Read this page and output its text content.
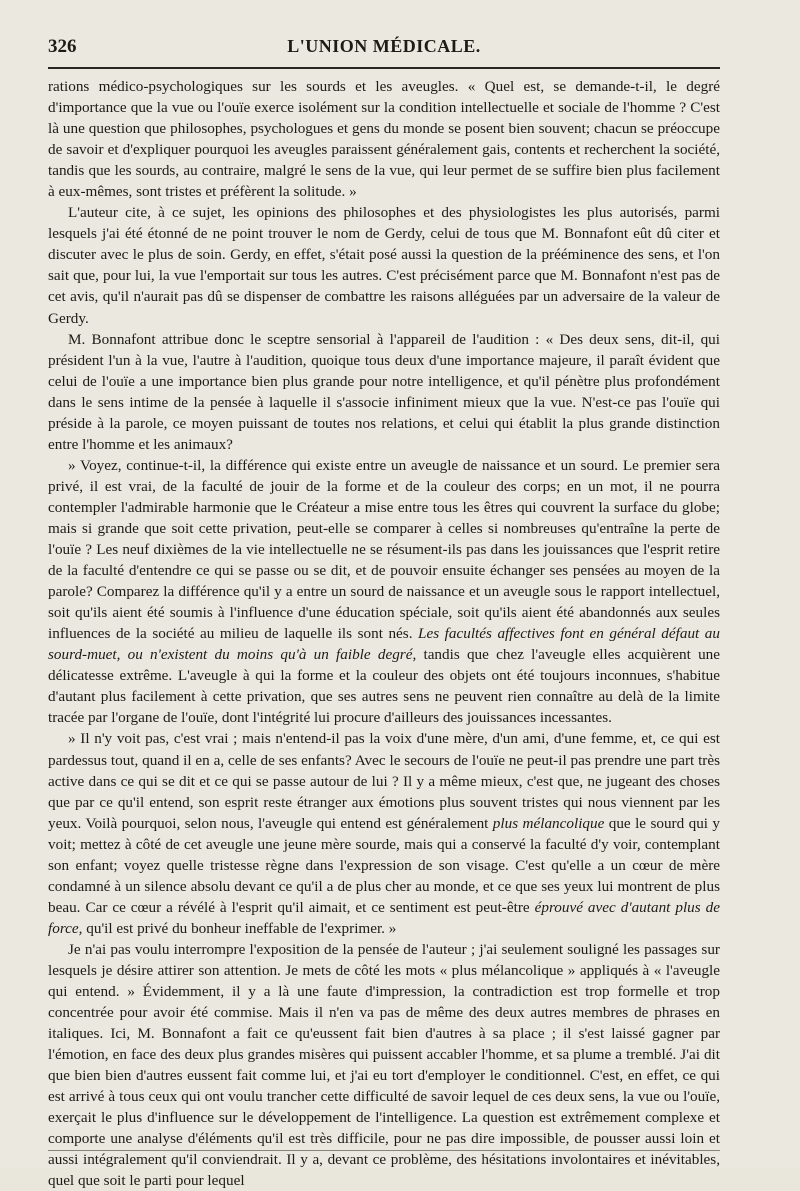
326	L'UNION MÉDICALE.

rations médico-psychologiques sur les sourds et les aveugles. « Quel est, se demande-t-il, le degré d'importance que la vue ou l'ouïe exerce isolément sur la condition intellectuelle et sociale de l'homme ? C'est là une question que philosophes, psychologues et gens du monde se posent bien souvent; chacun se préoccupe de savoir et d'expliquer pourquoi les aveugles paraissent généralement gais, contents et recherchent la société, tandis que les sourds, au contraire, malgré le sens de la vue, qui leur permet de se suffire bien plus facilement à eux-mêmes, sont tristes et préfèrent la solitude. »

L'auteur cite, à ce sujet, les opinions des philosophes et des physiologistes les plus autorisés, parmi lesquels j'ai été étonné de ne point trouver le nom de Gerdy, celui de tous que M. Bonnafont eût dû citer et discuter avec le plus de soin. Gerdy, en effet, s'était posé aussi la question de la prééminence des sens, et l'on sait que, pour lui, la vue l'emportait sur tous les autres. C'est précisément parce que M. Bonnafont n'est pas de cet avis, qu'il n'aurait pas dû se dispenser de combattre les raisons alléguées par un adversaire de la valeur de Gerdy.

M. Bonnafont attribue donc le sceptre sensorial à l'appareil de l'audition : « Des deux sens, dit-il, qui président l'un à la vue, l'autre à l'audition, quoique tous deux d'une importance majeure, il paraît évident que celui de l'ouïe a une importance bien plus grande pour notre intelligence, et qu'il pénètre plus profondément dans le sens intime de la pensée à laquelle il s'associe infiniment mieux que la vue. N'est-ce pas l'ouïe qui préside à la parole, ce moyen puissant de toutes nos relations, et celui qui établit la plus grande distinction entre l'homme et les animaux?

» Voyez, continue-t-il, la différence qui existe entre un aveugle de naissance et un sourd. Le premier sera privé, il est vrai, de la faculté de jouir de la forme et de la couleur des corps; en un mot, il ne pourra contempler l'admirable harmonie que le Créateur a mise entre tous les êtres qui couvrent la surface du globe; mais si grande que soit cette privation, peut-elle se comparer à celles si nombreuses qu'entraîne la perte de l'ouïe ? Les neuf dixièmes de la vie intellectuelle ne se résument-ils pas dans les jouissances que l'esprit retire de la faculté d'entendre ce qui se passe ou se dit, et de pouvoir ensuite échanger ses pensées au moyen de la parole? Comparez la différence qu'il y a entre un sourd de naissance et un aveugle sous le rapport intellectuel, soit qu'ils aient été soumis à l'influence d'une éducation spéciale, soit qu'ils aient été abandonnés aux seules influences de la société au milieu de laquelle ils sont nés. Les facultés affectives font en général défaut au sourd-muet, ou n'existent du moins qu'à un faible degré, tandis que chez l'aveugle elles acquièrent une délicatesse extrême. L'aveugle à qui la forme et la couleur des objets ont été toujours inconnues, s'habitue d'autant plus facilement à cette privation, que ses autres sens ne peuvent rien connaître au delà de la limite tracée par l'organe de l'ouïe, dont l'intégrité lui procure d'ailleurs des jouissances incessantes.

» Il n'y voit pas, c'est vrai ; mais n'entend-il pas la voix d'une mère, d'un ami, d'une femme, et, ce qui est pardessus tout, quand il en a, celle de ses enfants? Avec le secours de l'ouïe ne peut-il pas prendre une part très active dans ce qui se dit et ce qui se passe autour de lui ? Il y a même mieux, c'est que, ne jugeant des choses que par ce qu'il entend, son esprit reste étranger aux émotions plus souvent tristes qui nous viennent par les yeux. Voilà pourquoi, selon nous, l'aveugle qui entend est généralement plus mélancolique que le sourd qui y voit; mettez à côté de cet aveugle une jeune mère sourde, mais qui a conservé la faculté d'y voir, contemplant son enfant; voyez quelle tristesse règne dans l'expression de son visage. C'est qu'elle a un cœur de mère condamné à un silence absolu devant ce qu'il a de plus cher au monde, et ce que ses yeux lui montrent de plus beau. Car ce cœur a révélé à l'esprit qu'il aimait, et ce sentiment est peut-être éprouvé avec d'autant plus de force, qu'il est privé du bonheur ineffable de l'exprimer. »

Je n'ai pas voulu interrompre l'exposition de la pensée de l'auteur ; j'ai seulement souligné les passages sur lesquels je désire attirer son attention. Je mets de côté les mots « plus mélancolique » appliqués à « l'aveugle qui entend. » Évidemment, il y a là une faute d'impression, la contradiction est trop formelle et trop concentrée pour avoir été commise. Mais il n'en va pas de même des deux autres membres de phrases en italiques. Ici, M. Bonnafont a fait ce qu'eussent fait bien d'autres à sa place ; il s'est laissé gagner par l'émotion, en face des deux plus grandes misères qui puissent accabler l'homme, et sa plume a tremblé. J'ai dit que bien bien d'autres eussent fait comme lui, et j'ai eu tort d'employer le conditionnel. C'est, en effet, ce qui est arrivé à tous ceux qui ont voulu trancher cette difficulté de savoir lequel de ces deux sens, la vue ou l'ouïe, exerçait le plus d'influence sur le développement de l'intelligence. La question est extrêmement complexe et comporte une analyse d'éléments qu'il est très difficile, pour ne pas dire impossible, de pousser aussi loin et aussi intégralement qu'il conviendrait. Il y a, devant ce problème, des hésitations involontaires et inévitables, quel que soit le parti pour lequel
